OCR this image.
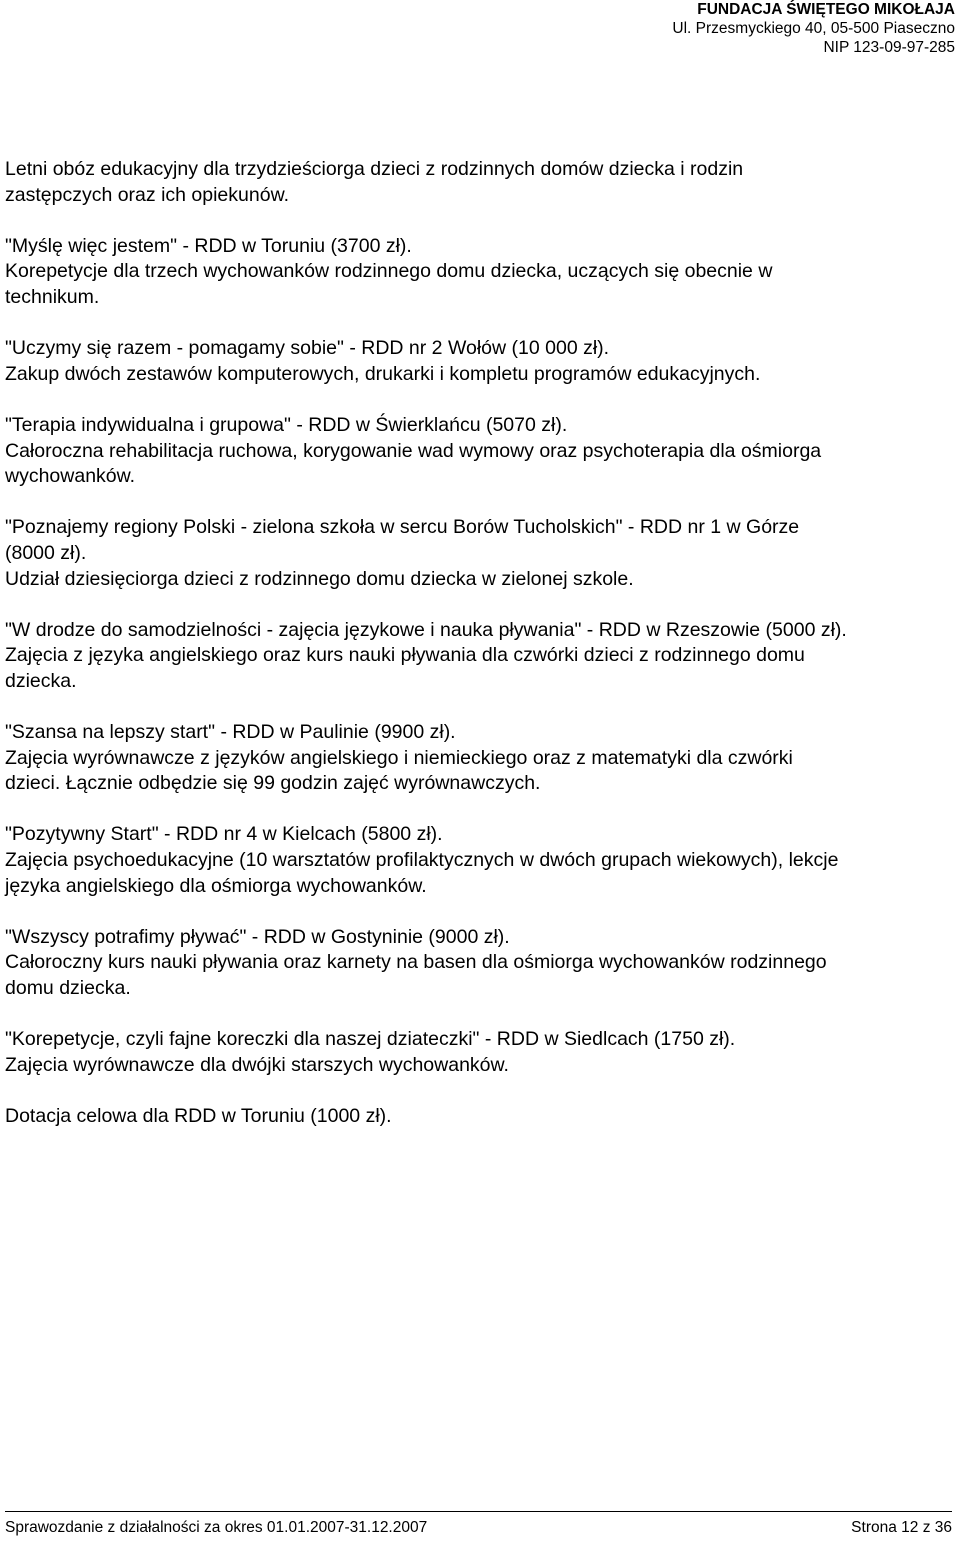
FUNDACJA ŚWIĘTEGO MIKOŁAJA
Ul. Przesmyckiego 40, 05-500 Piaseczno
NIP 123-09-97-285

Letni obóz edukacyjny dla trzydzieściorga dzieci z rodzinnych domów dziecka i rodzin

zastępczych oraz ich opiekunów.

"Myślę więc jestem" - RDD w Toruniu (3700 zł).

Korepetycje dla trzech wychowanków rodzinnego domu dziecka, uczących się obecnie w

technikum.

"Uczymy się razem - pomagamy sobie" - RDD nr 2 Wołów (10 000 zł).

Zakup dwóch zestawów komputerowych, drukarki i kompletu programów edukacyjnych.

"Terapia indywidualna i grupowa" - RDD w Świerklańcu (5070 zł).

Całoroczna rehabilitacja ruchowa, korygowanie wad wymowy oraz psychoterapia dla ośmiorga

wychowanków.

"Poznajemy regiony Polski - zielona szkoła w sercu Borów Tucholskich" - RDD nr 1 w Górze

(8000 zł).

Udział dziesięciorga dzieci z rodzinnego domu dziecka w zielonej szkole.

"W drodze do samodzielności - zajęcia językowe i nauka pływania" - RDD w Rzeszowie (5000 zł).

Zajęcia z języka angielskiego oraz kurs nauki pływania dla czwórki dzieci z rodzinnego domu

dziecka.

"Szansa na lepszy start" - RDD w Paulinie (9900 zł).

Zajęcia wyrównawcze z języków angielskiego i niemieckiego oraz z matematyki dla czwórki

dzieci. Łącznie odbędzie się 99 godzin zajęć wyrównawczych.

"Pozytywny Start" - RDD nr 4 w Kielcach (5800 zł).

Zajęcia psychoedukacyjne (10 warsztatów profilaktycznych w dwóch grupach wiekowych), lekcje

języka angielskiego dla ośmiorga wychowanków.

"Wszyscy potrafimy pływać" - RDD w Gostyninie (9000 zł).

Całoroczny kurs nauki pływania oraz karnety na basen dla ośmiorga wychowanków rodzinnego

domu dziecka.

"Korepetycje, czyli fajne koreczki dla naszej dziateczki" - RDD w Siedlcach (1750 zł).

Zajęcia wyrównawcze dla dwójki starszych wychowanków.

Dotacja celowa dla RDD w Toruniu (1000 zł).

Sprawozdanie z działalności za okres 01.01.2007-31.12.2007	Strona 12 z 36
